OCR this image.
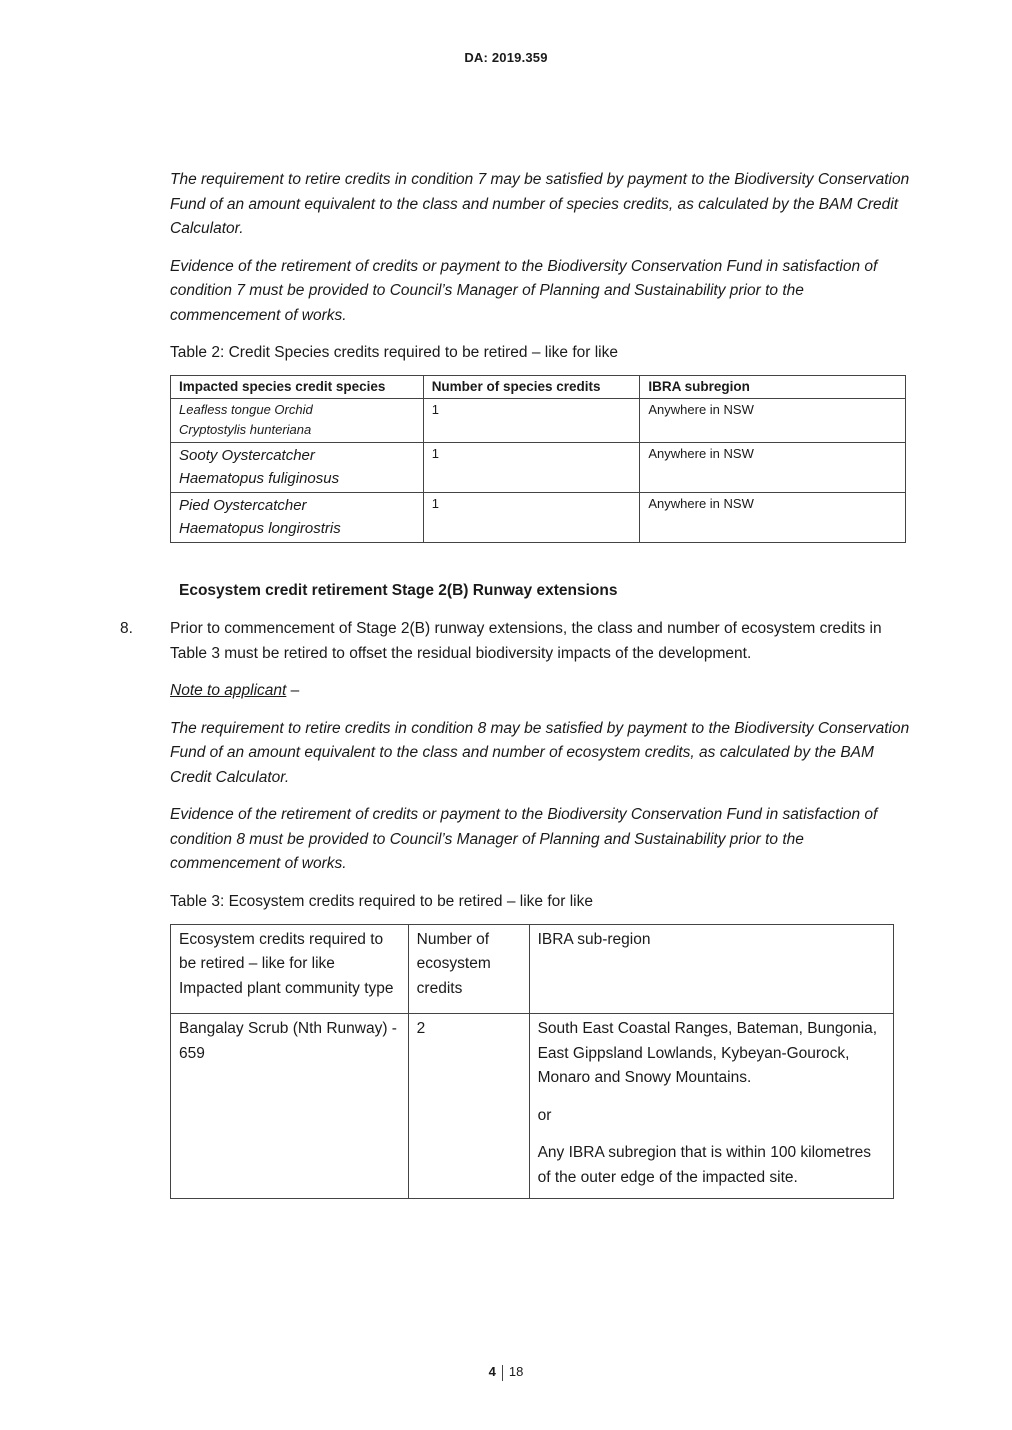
DA: 2019.359

The requirement to retire credits in condition 7 may be satisfied by payment to the Biodiversity Conservation Fund of an amount equivalent to the class and number of species credits, as calculated by the BAM Credit Calculator.

Evidence of the retirement of credits or payment to the Biodiversity Conservation Fund in satisfaction of condition 7 must be provided to Council’s Manager of Planning and Sustainability prior to the commencement of works.

Table 2: Credit Species credits required to be retired – like for like

Impacted species credit species	Number of species credits	IBRA subregion
Leafless tongue Orchid
Cryptostylis hunteriana	1	Anywhere in NSW
Sooty Oystercatcher
Haematopus fuliginosus	1	Anywhere in NSW
Pied Oystercatcher
Haematopus longirostris	1	Anywhere in NSW

Ecosystem credit retirement Stage 2(B) Runway extensions

8. Prior to commencement of Stage 2(B) runway extensions, the class and number of ecosystem credits in Table 3 must be retired to offset the residual biodiversity impacts of the development.

Note to applicant –

The requirement to retire credits in condition 8 may be satisfied by payment to the Biodiversity Conservation Fund of an amount equivalent to the class and number of ecosystem credits, as calculated by the BAM Credit Calculator.

Evidence of the retirement of credits or payment to the Biodiversity Conservation Fund in satisfaction of condition 8 must be provided to Council’s Manager of Planning and Sustainability prior to the commencement of works.

Table 3: Ecosystem credits required to be retired – like for like

Ecosystem credits required to be retired – like for like Impacted plant community type	Number of ecosystem credits	IBRA sub-region
Bangalay Scrub (Nth Runway) - 659	2	South East Coastal Ranges, Bateman, Bungonia, East Gippsland Lowlands, Kybeyan-Gourock, Monaro and Snowy Mountains.

or

Any IBRA subregion that is within 100 kilometres of the outer edge of the impacted site.

4 18
